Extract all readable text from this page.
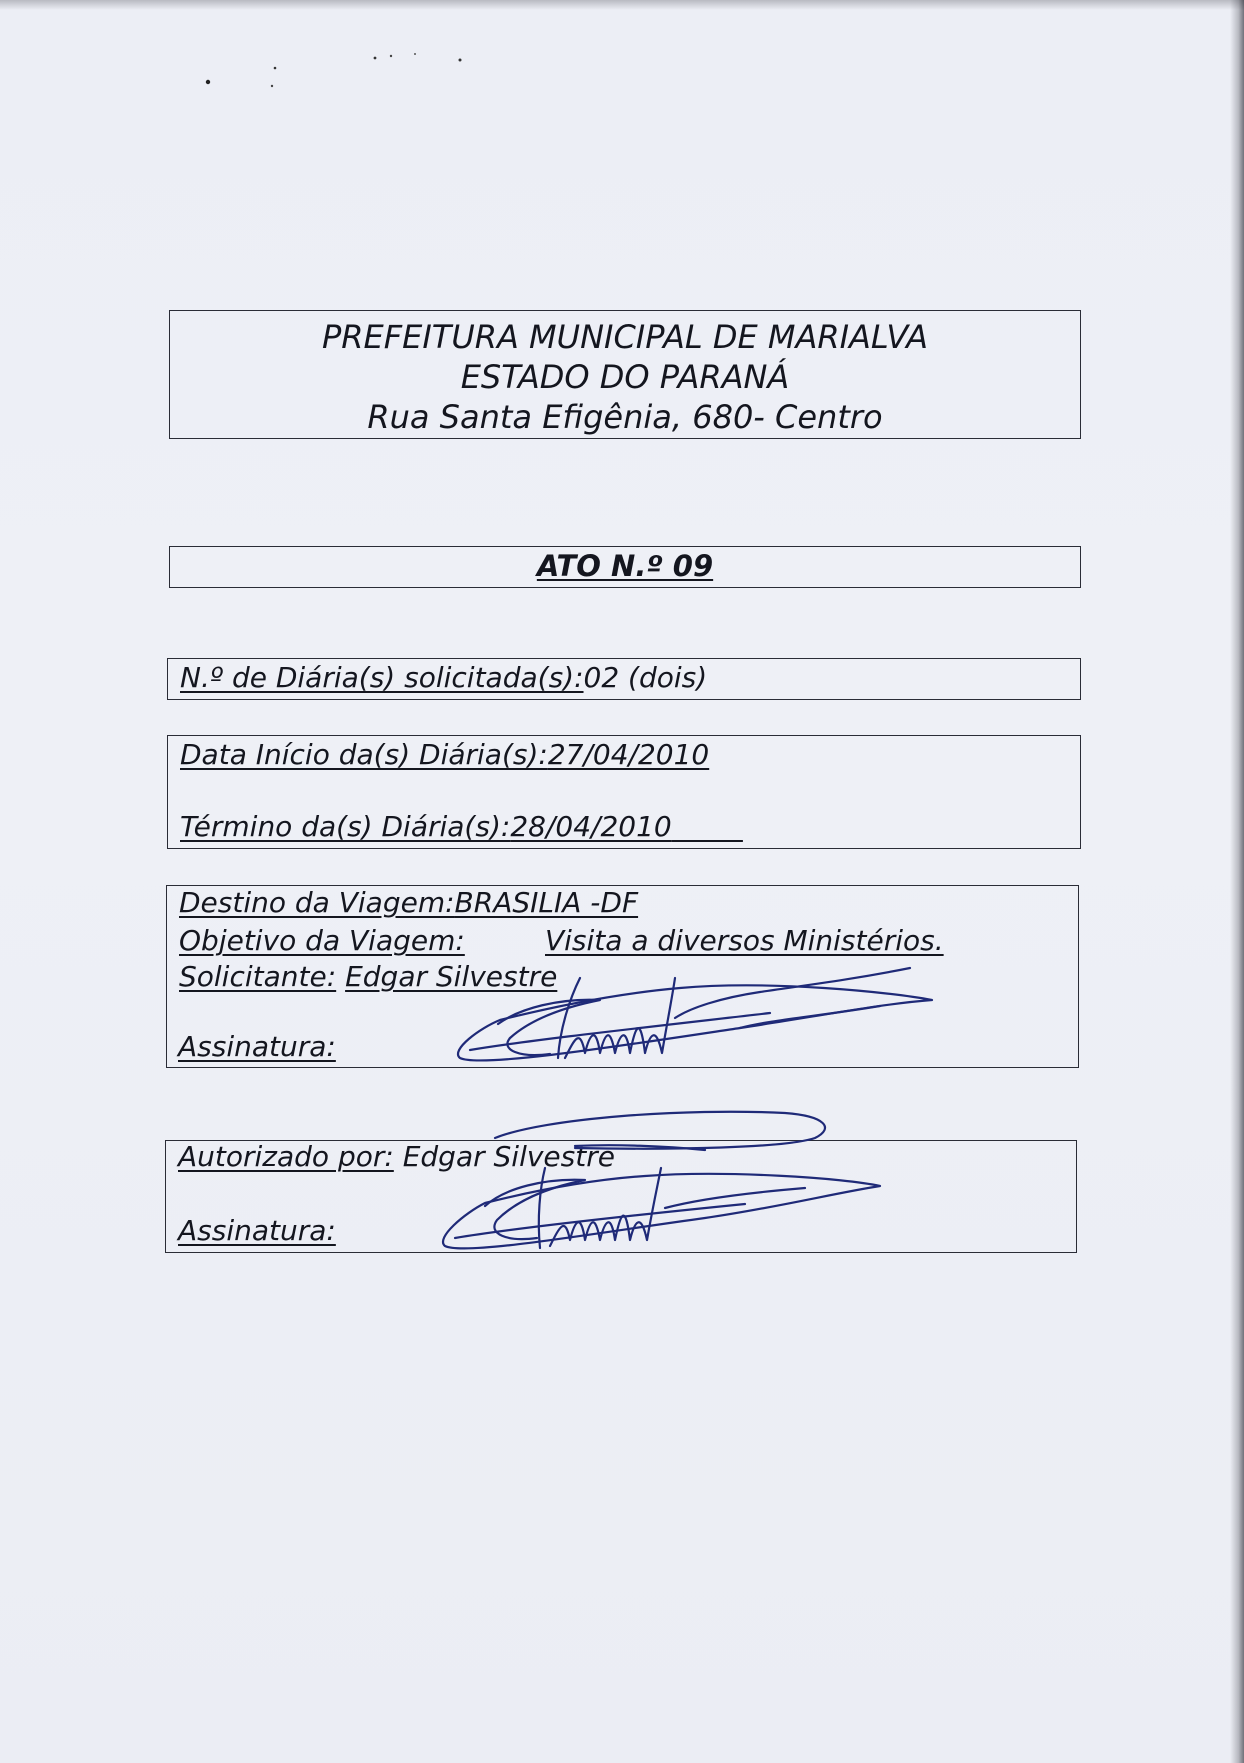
PREFEITURA MUNICIPAL DE MARIALVA
ESTADO DO PARANÁ
Rua Santa Efigênia, 680- Centro
ATO N.º 09
N.º de Diária(s) solicitada(s):02 (dois)
Data Início da(s) Diária(s):27/04/2010
Término da(s) Diária(s):28/04/2010
Destino da Viagem:BRASILIA -DF
Objetivo da Viagem:	Visita a diversos Ministérios.
Solicitante: Edgar Silvestre
Assinatura:
Autorizado por: Edgar Silvestre
Assinatura:
